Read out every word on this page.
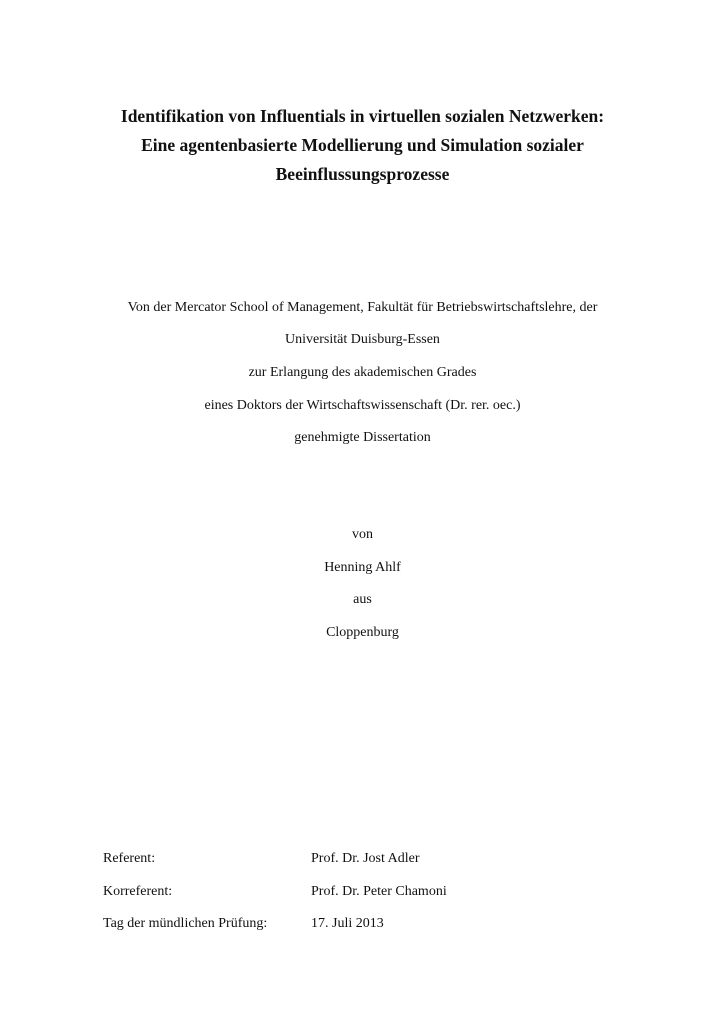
Identifikation von Influentials in virtuellen sozialen Netzwerken:
Eine agentenbasierte Modellierung und Simulation sozialer
Beeinflussungsprozesse
Von der Mercator School of Management, Fakultät für Betriebswirtschaftslehre, der
Universität Duisburg-Essen
zur Erlangung des akademischen Grades
eines Doktors der Wirtschaftswissenschaft (Dr. rer. oec.)
genehmigte Dissertation
von
Henning Ahlf
aus
Cloppenburg
Referent:	Prof. Dr. Jost Adler
Korreferent:	Prof. Dr. Peter Chamoni
Tag der mündlichen Prüfung:	17. Juli 2013
